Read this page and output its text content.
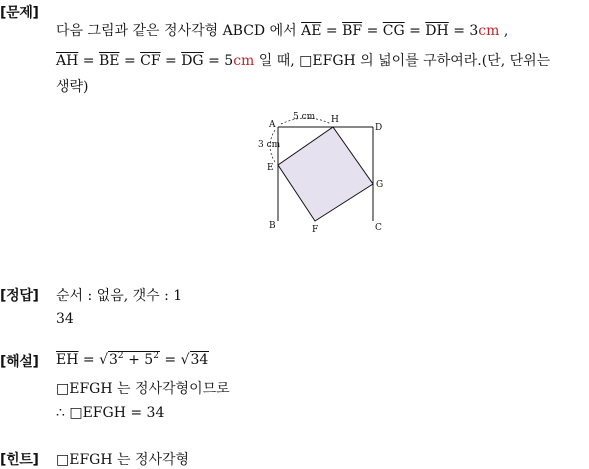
[문제]
다음 그림과 같은 정사각형 ABCD 에서 $\overline{AE} = \overline{BF} = \overline{CG} = \overline{DH} = 3cm$ ,
$\overline{AH} = \overline{BE} = \overline{CF} = \overline{DG} = 5cm$ 일 때, □EFGH 의 넓이를 구하여라.(단, 단위는
생략)
A	H
D
E
G
B	F	C
5 cm
3 cm
[정답] 순서 : 없음, 갯수 : 1
34
[해설] $\overline{EH} = √3^2 + 5^2 = √34$
□EFGH 는 정사각형이므로
∴ □EFGH = 34
[힌트] □EFGH 는 정사각형
